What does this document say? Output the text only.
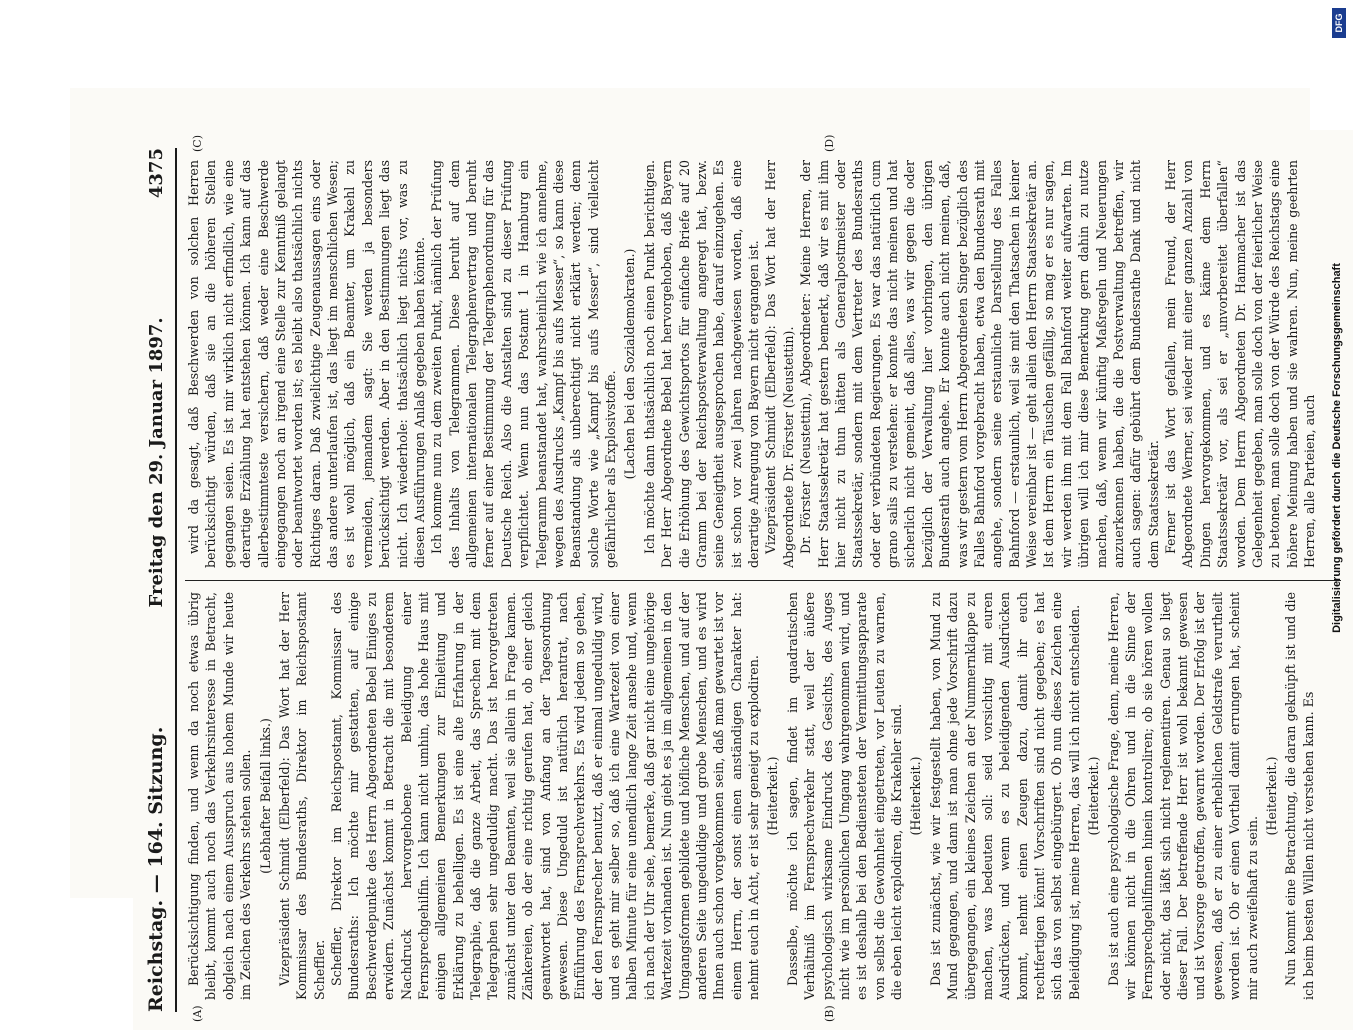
Reichstag. — 164. Sitzung.
Freitag den 29. Januar 1897.
4375
(A)	(B)
(C)	(D)

Berücksichtigung finden, und wenn da noch etwas übrig bleibt, kommt auch noch das Verkehrsinteresse in Betracht, obgleich nach einem Ausspruch aus hohem Munde wir heute im Zeichen des Verkehrs stehen sollen. (Lebhafter Beifall links.) Vizepräsident Schmidt (Elberfeld): Das Wort hat der Herr Kommissar des Bundesraths, Direktor im Reichspostamt Scheffler. Scheffler, Direktor im Reichspostamt, Kommissar des Bundesraths: Ich möchte mir gestatten, auf einige Beschwerdepunkte des Herrn Abgeordneten Bebel Einiges zu erwidern. Zunächst kommt in Betracht die mit besonderem Nachdruck hervorgehobene Beleidigung einer Fernsprechgehilfin. Ich kann nicht umhin, das hohe Haus mit einigen allgemeinen Bemerkungen zur Einleitung und Erklärung zu behelligen. Es ist eine alte Erfahrung in der Telegraphie, daß die ganze Arbeit, das Sprechen mit dem Telegraphen sehr ungeduldig macht. Das ist hervorgetreten zunächst unter den Beamten, weil sie allein in Frage kamen. Zänkereien, ob der eine richtig gerufen hat, ob einer gleich geantwortet hat, sind von Anfang an der Tagesordnung gewesen. Diese Ungeduld ist natürlich herantrat, nach Einführung des Fernsprechverkehrs. Es wird jedem so gehen, der den Fernsprecher benutzt, daß er einmal ungeduldig wird, und es geht mir selber so, daß ich eine Wartezeit von einer halben Minute für eine unendlich lange Zeit ansehe und, wenn ich nach der Uhr sehe, bemerke, daß gar nicht eine ungehörige Wartezeit vorhanden ist. Nun giebt es ja im allgemeinen in den Umgangsformen gebildete und höfliche Menschen, und auf der anderen Seite ungeduldige und grobe Menschen, und es wird Ihnen auch schon vorgekommen sein, daß man gewartet ist vor einem Herrn, der sonst einen anständigen Charakter hat: nehmt euch in Acht, er ist sehr geneigt zu explodiren. (Heiterkeit.) Dasselbe, möchte ich sagen, findet im quadratischen Verhältniß im Fernsprechverkehr statt, weil der äußere psychologisch wirksame Eindruck des Gesichts, des Auges nicht wie im persönlichen Umgang wahrgenommen wird, und es ist deshalb bei den Bediensteten der Vermittlungsapparate von selbst die Gewohnheit eingetreten, vor Leuten zu warnen, die eben leicht explodiren, die Krakehler sind. (Heiterkeit.) Das ist zunächst, wie wir festgestellt haben, von Mund zu Mund gegangen, und dann ist man ohne jede Vorschrift dazu übergegangen, ein kleines Zeichen an der Nummernklappe zu machen, was bedeuten soll: seid vorsichtig mit euren Ausdrücken, und wenn es zu beleidigenden Ausdrücken kommt, nehmt einen Zeugen dazu, damit ihr euch rechtfertigen könnt! Vorschriften sind nicht gegeben; es hat sich das von selbst eingebürgert. Ob nun dieses Zeichen eine Beleidigung ist, meine Herren, das will ich nicht entscheiden. (Heiterkeit.) Das ist auch eine psychologische Frage, denn, meine Herren, wir können nicht in die Ohren und in die Sinne der Fernsprechgehilfinnen hinein kontroliren; ob sie hören wollen oder nicht, das läßt sich nicht reglementiren. Genau so liegt dieser Fall. Der betreffende Herr ist wohl bekannt gewesen und ist Vorsorge getroffen, gewarnt worden. Der Erfolg ist der gewesen, daß er zu einer erheblichen Geldstrafe verurtheilt worden ist. Ob er einen Vortheil damit errungen hat, scheint mir auch zweifelhaft zu sein.

(Heiterkeit.) Nun kommt eine Betrachtung, die daran geknüpft ist und die ich beim besten Willen nicht verstehen kann. Es

wird da gesagt, daß Beschwerden von solchen Herren berücksichtigt würden, daß sie an die höheren Stellen gegangen seien. Es ist mir wirklich nicht erfindlich, wie eine derartige Erzählung hat entstehen können. Ich kann auf das allerbestimmteste versichern, daß weder eine Beschwerde eingegangen noch an irgend eine Stelle zur Kenntniß gelangt oder beantwortet worden ist; es bleibt also thatsächlich nichts Richtiges daran. Daß zwielichtige Zeugenaussagen eins oder das andere unterlaufen ist, das liegt im menschlichen Wesen; es ist wohl möglich, daß ein Beamter, um Krakehl zu vermeiden, jemandem sagt: Sie werden ja besonders berücksichtigt werden. Aber in den Bestimmungen liegt das nicht. Ich wiederhole: thatsächlich liegt nichts vor, was zu diesen Ausführungen Anlaß gegeben haben könnte. Ich komme nun zu dem zweiten Punkt, nämlich der Prüfung des Inhalts von Telegrammen. Diese beruht auf dem allgemeinen internationalen Telegraphenvertrag und beruht ferner auf einer Bestimmung der Telegraphenordnung für das Deutsche Reich. Also die Anstalten sind zu dieser Prüfung verpflichtet. Wenn nun das Postamt 1 in Hamburg ein Telegramm beanstandet hat, wahrscheinlich wie ich annehme, wegen des Ausdrucks „Kampf bis aufs Messer“, so kann diese Beanstandung als unberechtigt nicht erklärt werden; denn solche Worte wie „Kampf bis aufs Messer“, sind vielleicht gefährlicher als Explosivstoffe. (Lachen bei den Sozialdemokraten.) Ich möchte dann thatsächlich noch einen Punkt berichtigen. Der Herr Abgeordnete Bebel hat hervorgehoben, daß Bayern die Erhöhung des Gewichtsportos für einfache Briefe auf 20 Gramm bei der Reichspostverwaltung angeregt hat, bezw. seine Geneigtheit ausgesprochen habe, darauf einzugehen. Es ist schon vor zwei Jahren nachgewiesen worden, daß eine derartige Anregung von Bayern nicht ergangen ist. Vizepräsident Schmidt (Elberfeld): Das Wort hat der Herr Abgeordnete Dr. Förster (Neustettin). Dr. Förster (Neustettin), Abgeordneter: Meine Herren, der Herr Staatssekretär hat gestern bemerkt, daß wir es mit ihm hier nicht zu thun hätten als Generalpostmeister oder Staatssekretär, sondern mit dem Vertreter des Bundesraths oder der verbündeten Regierungen. Es war das natürlich cum grano salis zu verstehen: er konnte das nicht meinen und hat sicherlich nicht gemeint, daß alles, was wir gegen die oder bezüglich der Verwaltung hier vorbringen, den übrigen Bundesrath auch angehe. Er konnte auch nicht meinen, daß, was wir gestern vom Herrn Abgeordneten Singer bezüglich des Falles Bahnford vorgebracht haben, etwa den Bundesrath mit angehe, sondern seine erstaunliche Darstellung des Falles Bahnford — erstaunlich, weil sie mit den Thatsachen in keiner Weise vereinbar ist — geht allein den Herrn Staatssekretär an. Ist dem Herrn ein Täuschen gefällig, so mag er es nur sagen, wir werden ihm mit dem Fall Bahnford weiter aufwarten. Im übrigen will ich mir diese Bemerkung gern dahin zu nutze machen, daß, wenn wir künftig Maßregeln und Neuerungen anzuerkennen haben, die die Postverwaltung betreffen, wir auch sagen: dafür gebührt dem Bundesrathe Dank und nicht dem Staatssekretär. Ferner ist das Wort gefallen, mein Freund, der Herr Abgeordnete Werner, sei wieder mit einer ganzen Anzahl von Dingen hervorgekommen, und es käme dem Herrn Staatssekretär vor, als sei er „unvorbereitet überfallen“ worden. Dem Herrn Abgeordneten Dr. Hammacher ist das Gelegenheit gegeben, man solle doch von der feierlicher Weise zu betonen, man solle doch von der Würde des Reichstags eine höhere Meinung haben und sie wahren. Nun, meine geehrten Herren, alle Parteien, auch

DFG
Digitalisierung gefördert durch die Deutsche Forschungsgemeinschaft
